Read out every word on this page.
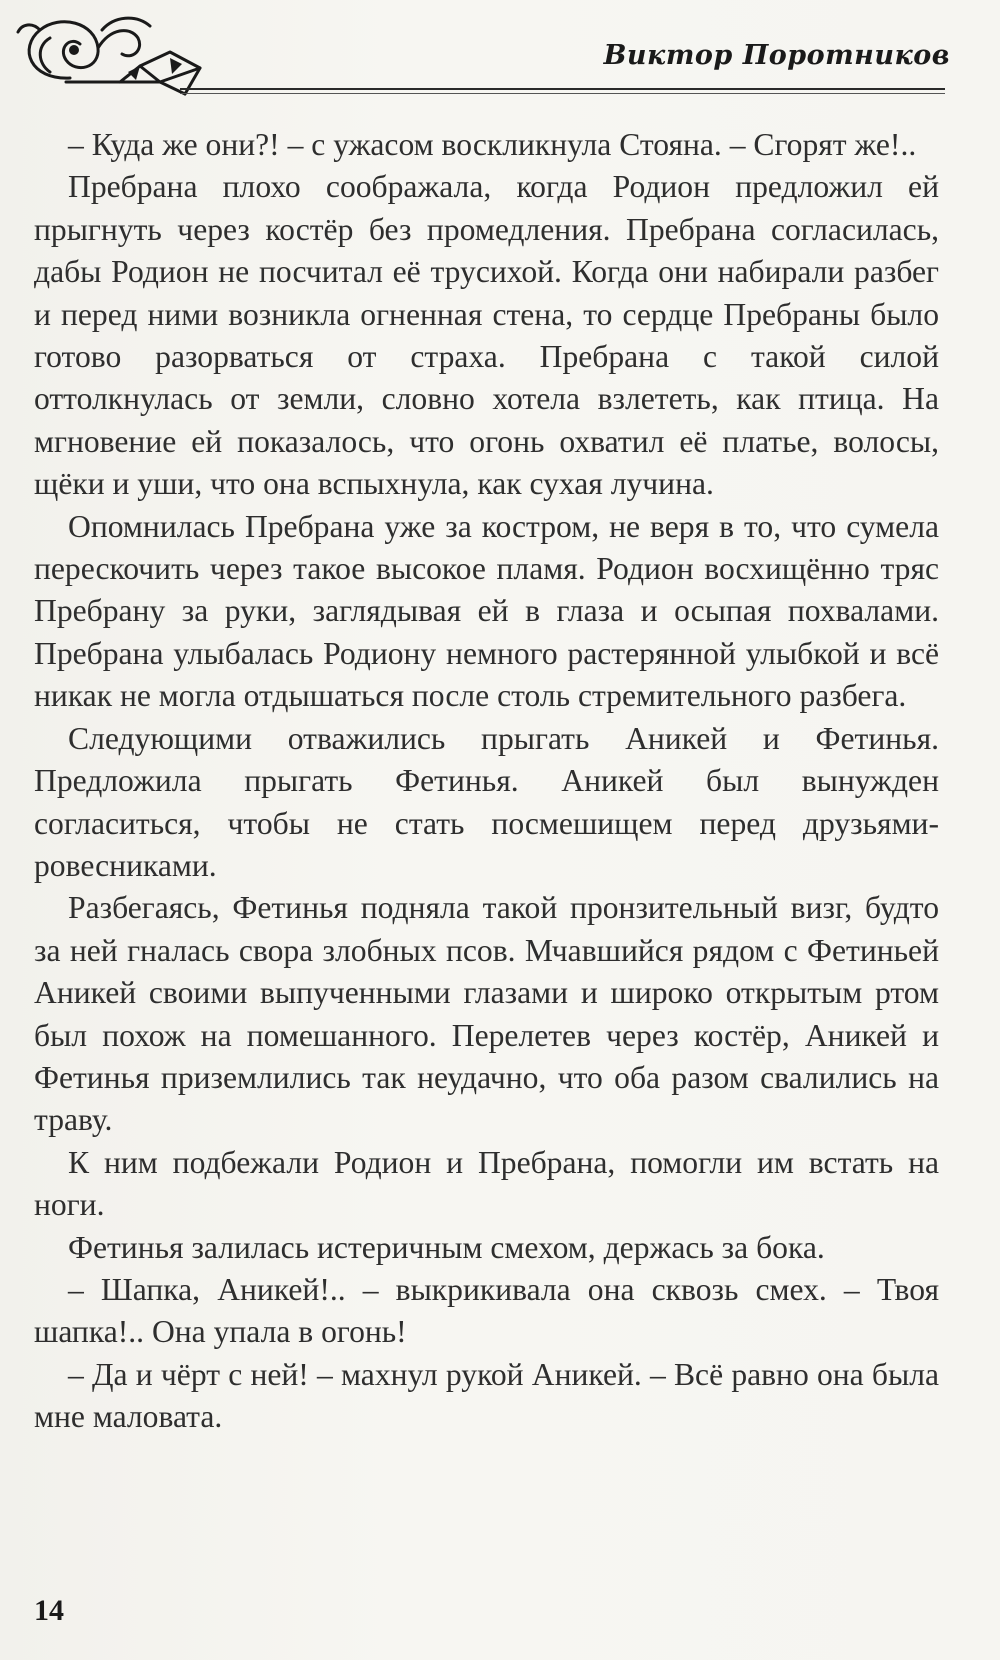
Виктор Поротников

– Куда же они?! – с ужасом воскликнула Стояна. – Сгорят же!..

Пребрана плохо соображала, когда Родион предложил ей прыгнуть через костёр без промедления. Пребрана согласилась, дабы Родион не посчитал её трусихой. Когда они набирали разбег и перед ними возникла огненная стена, то сердце Пребраны было готово разорваться от страха. Пребрана с такой силой оттолкнулась от земли, словно хотела взлететь, как птица. На мгновение ей показалось, что огонь охватил её платье, волосы, щёки и уши, что она вспыхнула, как сухая лучина.

Опомнилась Пребрана уже за костром, не веря в то, что сумела перескочить через такое высокое пламя. Родион восхищённо тряс Пребрану за руки, заглядывая ей в глаза и осыпая похвалами. Пребрана улыбалась Родиону немного растерянной улыбкой и всё никак не могла отдышаться после столь стремительного разбега.

Следующими отважились прыгать Аникей и Фетинья. Предложила прыгать Фетинья. Аникей был вынужден согласиться, чтобы не стать посмешищем перед друзьями-ровесниками.

Разбегаясь, Фетинья подняла такой пронзительный визг, будто за ней гналась свора злобных псов. Мчавшийся рядом с Фетиньей Аникей своими выпученными глазами и широко открытым ртом был похож на помешанного. Перелетев через костёр, Аникей и Фетинья приземлились так неудачно, что оба разом свалились на траву.

К ним подбежали Родион и Пребрана, помогли им встать на ноги.

Фетинья залилась истеричным смехом, держась за бока.

– Шапка, Аникей!.. – выкрикивала она сквозь смех. – Твоя шапка!.. Она упала в огонь!

– Да и чёрт с ней! – махнул рукой Аникей. – Всё равно она была мне маловата.

14
